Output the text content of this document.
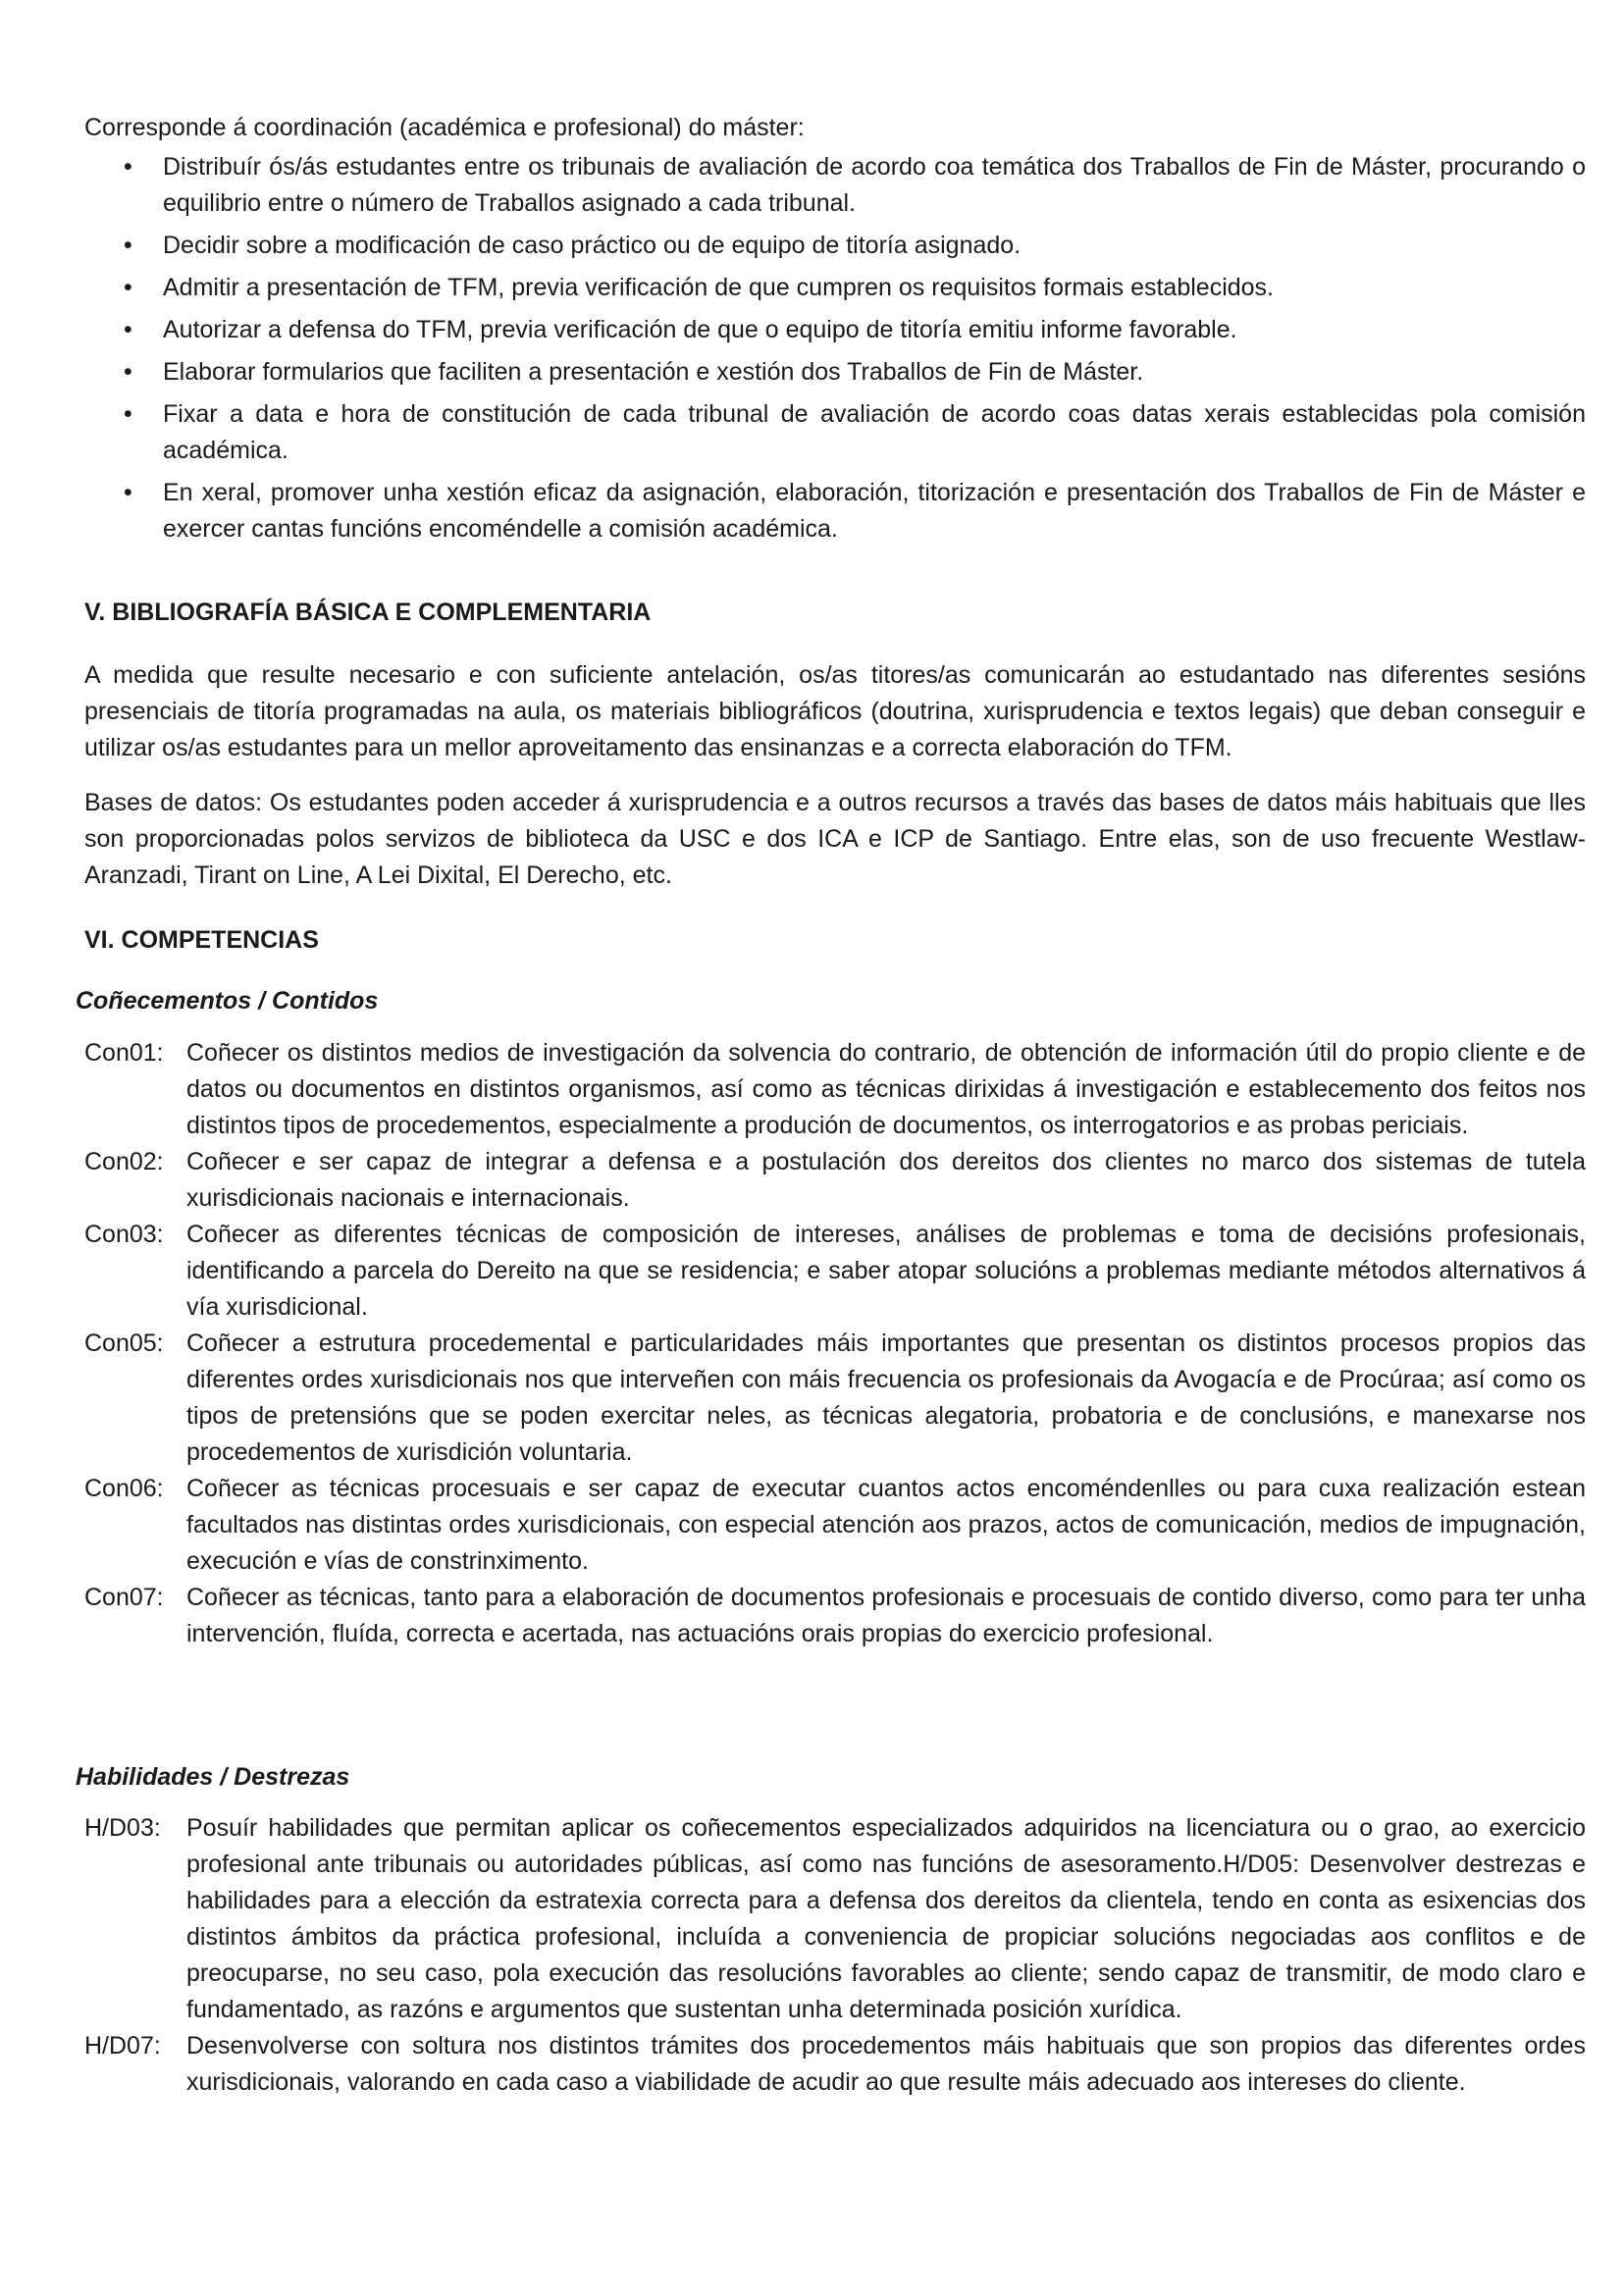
Corresponde á coordinación (académica e profesional) do máster:
• Distribuír ós/ás estudantes entre os tribunais de avaliación de acordo coa temática dos Traballos de Fin de Máster, procurando o equilibrio entre o número de Traballos asignado a cada tribunal.
• Decidir sobre a modificación de caso práctico ou de equipo de titoría asignado.
• Admitir a presentación de TFM, previa verificación de que cumpren os requisitos formais establecidos.
• Autorizar a defensa do TFM, previa verificación de que o equipo de titoría emitiu informe favorable.
• Elaborar formularios que faciliten a presentación e xestión dos Traballos de Fin de Máster.
• Fixar a data e hora de constitución de cada tribunal de avaliación de acordo coas datas xerais establecidas pola comisión académica.
• En xeral, promover unha xestión eficaz da asignación, elaboración, titorización e presentación dos Traballos de Fin de Máster e exercer cantas funcións encoméndelle a comisión académica.
V. BIBLIOGRAFÍA BÁSICA E COMPLEMENTARIA
A medida que resulte necesario e con suficiente antelación, os/as titores/as comunicarán ao estudantado nas diferentes sesións presenciais de titoría programadas na aula, os materiais bibliográficos (doutrina, xurisprudencia e textos legais) que deban conseguir e utilizar os/as estudantes para un mellor aproveitamento das ensinanzas e a correcta elaboración do TFM.
Bases de datos: Os estudantes poden acceder á xurisprudencia e a outros recursos a través das bases de datos máis habituais que lles son proporcionadas polos servizos de biblioteca da USC e dos ICA e ICP de Santiago. Entre elas, son de uso frecuente Westlaw-Aranzadi, Tirant on Line, A Lei Dixital, El Derecho, etc.
VI. COMPETENCIAS
Coñecementos / Contidos
Con01: Coñecer os distintos medios de investigación da solvencia do contrario, de obtención de información útil do propio cliente e de datos ou documentos en distintos organismos, así como as técnicas dirixidas á investigación e establecemento dos feitos nos distintos tipos de procedementos, especialmente a produción de documentos, os interrogatorios e as probas periciais.
Con02: Coñecer e ser capaz de integrar a defensa e a postulación dos dereitos dos clientes no marco dos sistemas de tutela xurisdicionais nacionais e internacionais.
Con03: Coñecer as diferentes técnicas de composición de intereses, análises de problemas e toma de decisións profesionais, identificando a parcela do Dereito na que se residencia; e saber atopar solucións a problemas mediante métodos alternativos á vía xurisdicional.
Con05: Coñecer a estrutura procedemental e particularidades máis importantes que presentan os distintos procesos propios das diferentes ordes xurisdicionais nos que interveñen con máis frecuencia os profesionais da Avogacía e de Procúraa; así como os tipos de pretensións que se poden exercitar neles, as técnicas alegatoria, probatoria e de conclusións, e manexarse nos procedementos de xurisdición voluntaria.
Con06: Coñecer as técnicas procesuais e ser capaz de executar cuantos actos encoméndenlles ou para cuxa realización estean facultados nas distintas ordes xurisdicionais, con especial atención aos prazos, actos de comunicación, medios de impugnación, execución e vías de constrinximento.
Con07: Coñecer as técnicas, tanto para a elaboración de documentos profesionais e procesuais de contido diverso, como para ter unha intervención, fluída, correcta e acertada, nas actuacións orais propias do exercicio profesional.
Habilidades / Destrezas
H/D03: Posuír habilidades que permitan aplicar os coñecementos especializados adquiridos na licenciatura ou o grao, ao exercicio profesional ante tribunais ou autoridades públicas, así como nas funcións de asesoramento.H/D05: Desenvolver destrezas e habilidades para a elección da estratexia correcta para a defensa dos dereitos da clientela, tendo en conta as esixencias dos distintos ámbitos da práctica profesional, incluída a conveniencia de propiciar solucións negociadas aos conflitos e de preocuparse, no seu caso, pola execución das resolucións favorables ao cliente; sendo capaz de transmitir, de modo claro e fundamentado, as razóns e argumentos que sustentan unha determinada posición xurídica.
H/D07: Desenvolverse con soltura nos distintos trámites dos procedementos máis habituais que son propios das diferentes ordes xurisdicionais, valorando en cada caso a viabilidade de acudir ao que resulte máis adecuado aos intereses do cliente.
